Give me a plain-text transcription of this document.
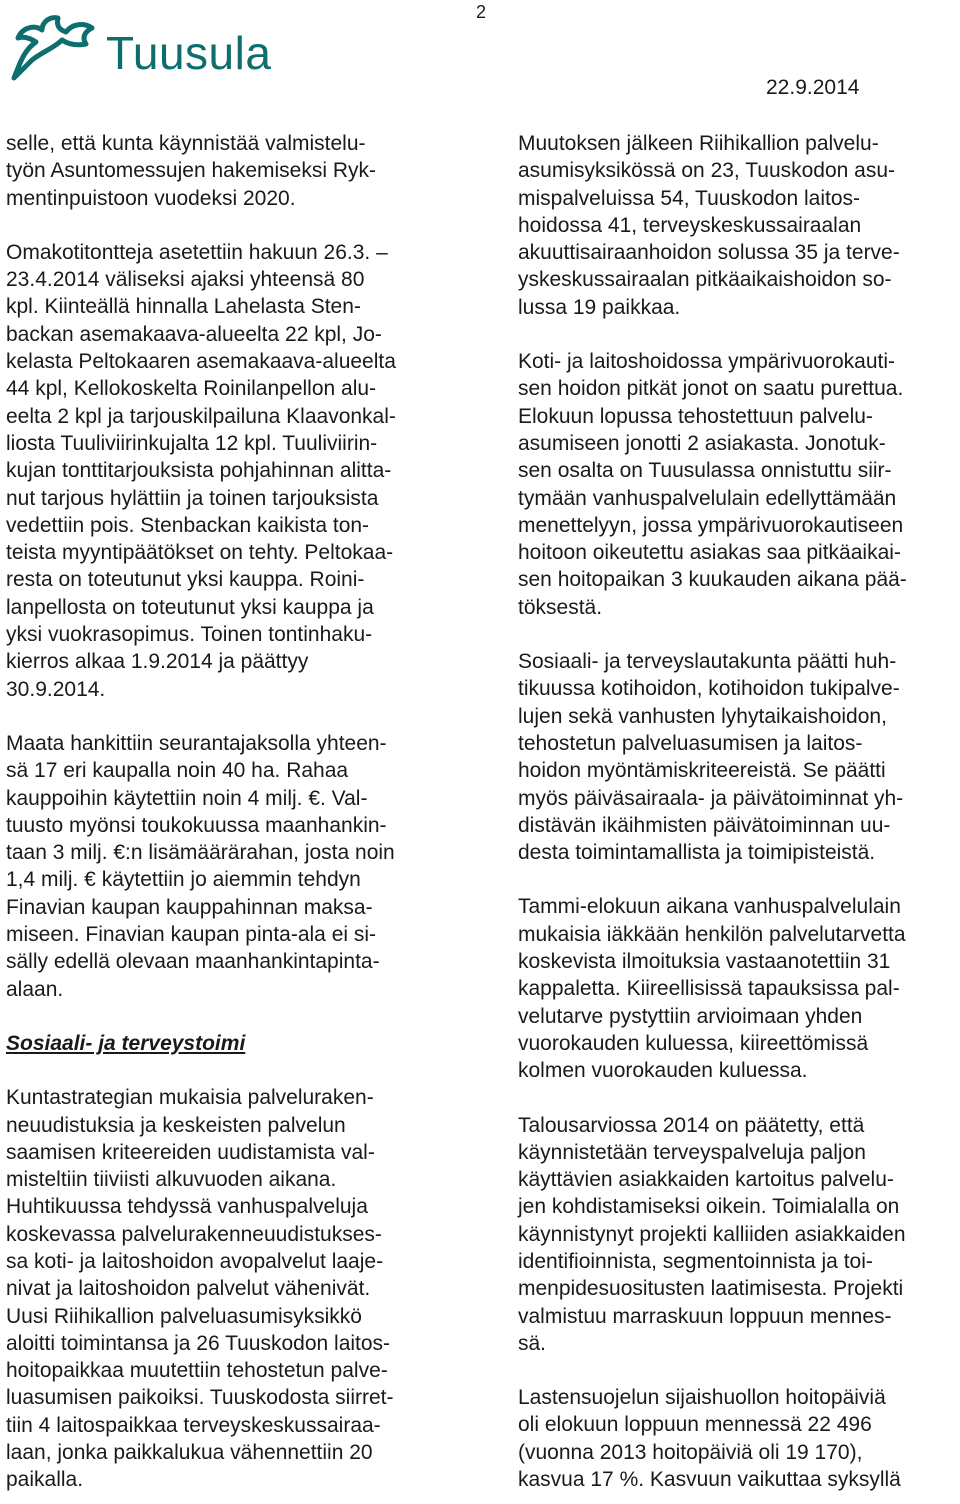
2
Tuusula
22.9.2014
selle, että kunta käynnistää valmistelu-
työn Asuntomessujen hakemiseksi Ryk-
mentinpuistoon vuodeksi 2020.
Omakotitontteja asetettiin hakuun 26.3. –
23.4.2014 väliseksi ajaksi yhteensä 80
kpl. Kiinteällä hinnalla Lahelasta Sten-
backan asemakaava-alueelta 22 kpl, Jo-
kelasta Peltokaaren asemakaava-alueelta
44 kpl, Kellokoskelta Roinilanpellon alu-
eelta 2 kpl ja tarjouskilpailuna Klaavonkal-
liosta Tuuliviirinkujalta 12 kpl. Tuuliviirin-
kujan tonttitarjouksista pohjahinnan alitta-
nut tarjous hylättiin ja toinen tarjouksista
vedettiin pois. Stenbackan kaikista ton-
teista myyntipäätökset on tehty. Peltokaa-
resta on toteutunut yksi kauppa. Roini-
lanpellosta on toteutunut yksi kauppa ja
yksi vuokrasopimus. Toinen tontinhaku-
kierros alkaa 1.9.2014 ja päättyy
30.9.2014.
Maata hankittiin seurantajaksolla yhteen-
sä 17 eri kaupalla noin 40 ha. Rahaa
kauppoihin käytettiin noin 4 milj. €. Val-
tuusto myönsi toukokuussa maanhankin-
taan 3 milj. €:n lisämäärärahan, josta noin
1,4 milj. € käytettiin jo aiemmin tehdyn
Finavian kaupan kauppahinnan maksa-
miseen. Finavian kaupan pinta-ala ei si-
sälly edellä olevaan maanhankintapinta-
alaan.
Sosiaali- ja terveystoimi
Kuntastrategian mukaisia palveluraken-
neuudistuksia ja keskeisten palvelun
saamisen kriteereiden uudistamista val-
misteltiin tiiviisti alkuvuoden aikana.
Huhtikuussa tehdyssä vanhuspalveluja
koskevassa palvelurakenneuudistukses-
sa koti- ja laitoshoidon avopalvelut laaje-
nivat ja laitoshoidon palvelut vähenivät.
Uusi Riihikallion palveluasumisyksikkö
aloitti toimintansa ja 26 Tuuskodon laitos-
hoitopaikkaa muutettiin tehostetun palve-
luasumisen paikoiksi. Tuuskodosta siirret-
tiin 4 laitospaikkaa terveyskeskussairaa-
laan, jonka paikkalukua vähennettiin 20
paikalla.
Muutoksen jälkeen Riihikallion palvelu-
asumisyksikössä on 23, Tuuskodon asu-
mispalveluissa 54, Tuuskodon laitos-
hoidossa 41, terveyskeskussairaalan
akuuttisairaanhoidon solussa 35 ja terve-
yskeskussairaalan pitkäaikaishoidon so-
lussa 19 paikkaa.
Koti- ja laitoshoidossa ympärivuorokauti-
sen hoidon pitkät jonot on saatu purettua.
Elokuun lopussa tehostettuun palvelu-
asumiseen jonotti 2 asiakasta. Jonotuk-
sen osalta on Tuusulassa onnistuttu siir-
tymään vanhuspalvelulain edellyttämään
menettelyyn, jossa ympärivuorokautiseen
hoitoon oikeutettu asiakas saa pitkäaikai-
sen hoitopaikan 3 kuukauden aikana pää-
töksestä.
Sosiaali- ja terveyslautakunta päätti huh-
tikuussa kotihoidon, kotihoidon tukipalve-
lujen sekä vanhusten lyhytaikaishoidon,
tehostetun palveluasumisen ja laitos-
hoidon myöntämiskriteereistä. Se päätti
myös päiväsairaala- ja päivätoiminnat yh-
distävän ikäihmisten päivätoiminnan uu-
desta toimintamallista ja toimipisteistä.
Tammi-elokuun aikana vanhuspalvelulain
mukaisia iäkkään henkilön palvelutarvetta
koskevista ilmoituksia vastaanotettiin 31
kappaletta. Kiireellisissä tapauksissa pal-
velutarve pystyttiin arvioimaan yhden
vuorokauden kuluessa, kiireettömissä
kolmen vuorokauden kuluessa.
Talousarviossa 2014 on päätetty, että
käynnistetään terveyspalveluja paljon
käyttävien asiakkaiden kartoitus palvelu-
jen kohdistamiseksi oikein. Toimialalla on
käynnistynyt projekti kalliiden asiakkaiden
identifioinnista, segmentoinnista ja toi-
menpidesuositusten laatimisesta. Projekti
valmistuu marraskuun loppuun mennes-
sä.
Lastensuojelun sijaishuollon hoitopäiviä
oli elokuun loppuun mennessä 22 496
(vuonna 2013 hoitopäiviä oli 19 170),
kasvua 17 %. Kasvuun vaikuttaa syksyllä
